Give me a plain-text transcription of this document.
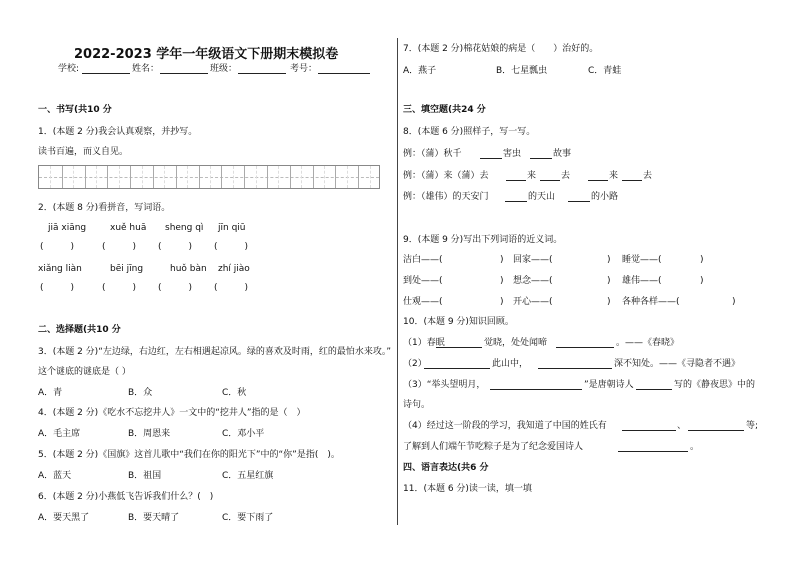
2022-2023 学年一年级语文下册期末模拟卷
学校:	姓名：	班级：	考号：
一、书写(共10 分
1．(本题 2 分)我会认真观察，并抄写。
读书百遍，而义自见。
2．(本题 8 分)看拼音，写词语。
jiā xiāng	xuě huā sheng qì jīn qiū
(　　　)	(　　　) (　　　) (　　　)
xiǎng liàn	bēi jīng	huǒ bàn zhí jiào
(　　　)	(　　　) (　　　) (　　　)
二、选择题(共10 分
3．(本题 2 分)“左边绿，右边红，左右相遇起凉风。绿的喜欢及时雨，红的最怕水来攻。”
这个谜底的谜底是（ ）
A．青	B．众	C．秋
4．(本题 2 分)《吃水不忘挖井人》一文中的“挖井人”指的是（　）
A．毛主席	B．周恩来	C．邓小平
5．(本题 2 分)《国旗》这首儿歌中“我们在你的阳光下”中的“你”是指(　)。
A．蓝天	B．祖国	C．五星红旗
6．(本题 2 分)小燕低飞告诉我们什么？(　)
A．要天黑了	B．要天晴了	C．要下雨了
7．(本题 2 分)棉花姑娘的病是（　　）治好的。
A．燕子	B．七星瓢虫	C．青蛙
三、填空题(共24 分
8．(本题 6 分)照样子，写一写。
例：（蒲）秋千	害虫	故事
例：（蒲）来（蒲）去	来	去	来	去
例：（雄伟）的天安门	的天山	的小路
9．(本题 9 分)写出下列词语的近义词。
洁白——(	) 回家——(	) 睡觉——(	)
到处——(	) 想念——(	) 雄伟——(	)
仕观——(	) 开心——(	) 各种各样——(	)
10．(本题 9 分)知识回顾。
（1）春眠	觉晓，处处闻啼	。——《春晓》
（2）	此山中，	深不知处。——《寻隐者不遇》
（3）“举头望明月，	”是唐朝诗人	写的《静夜思》中的
诗句。
（4）经过这一阶段的学习，我知道了中国的姓氏有	、	等;
了解到人们端午节吃粽子是为了纪念爱国诗人	。
四、语言表达(共6 分
11．(本题 6 分)读一读，填一填
